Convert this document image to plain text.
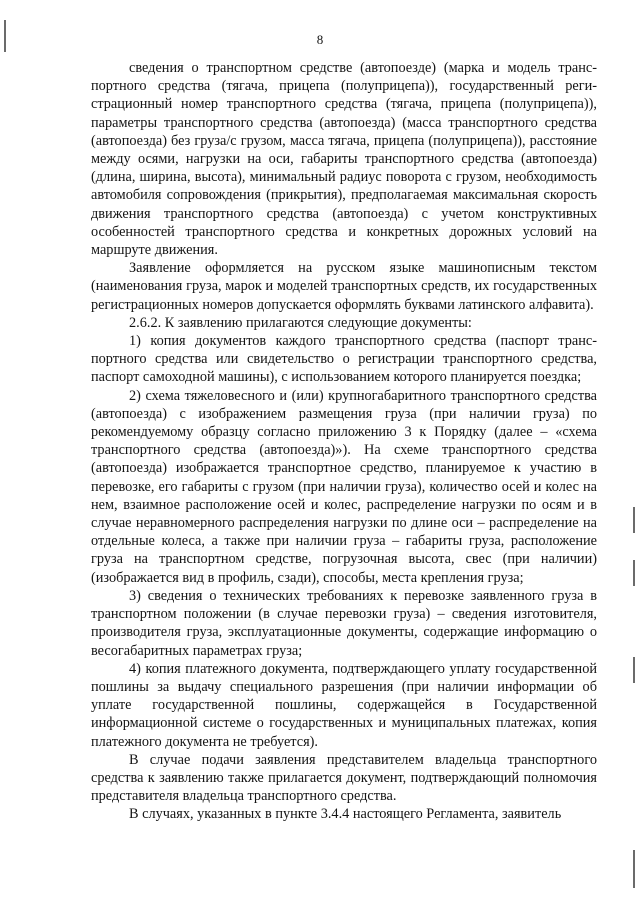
8

сведения о транспортном средстве (автопоезде) (марка и модель транспортного средства (тягача, прицепа (полуприцепа)), государственный регистрационный номер транспортного средства (тягача, прицепа (полуприцепа)), параметры транспортного средства (автопоезда) (масса транспортного средства (автопоезда) без груза/с грузом, масса тягача, прицепа (полуприцепа)), расстояние между осями, нагрузки на оси, габариты транспортного средства (автопоезда) (длина, ширина, высота), минимальный радиус поворота с грузом, необходимость автомобиля сопровождения (прикрытия), предполагаемая максимальная скорость движения транспортного средства (автопоезда) с учетом конструктивных особенностей транспортного средства и конкретных дорожных условий на маршруте движения.

Заявление оформляется на русском языке машинописным текстом (наименования груза, марок и моделей транспортных средств, их государственных регистрационных номеров допускается оформлять буквами латинского алфавита).

2.6.2. К заявлению прилагаются следующие документы:

1) копия документов каждого транспортного средства (паспорт транспортного средства или свидетельство о регистрации транспортного средства, паспорт самоходной машины), с использованием которого планируется поездка;

2) схема тяжеловесного и (или) крупногабаритного транспортного средства (автопоезда) с изображением размещения груза (при наличии груза) по рекомендуемому образцу согласно приложению 3 к Порядку (далее – «схема транспортного средства (автопоезда)»). На схеме транспортного средства (автопоезда) изображается транспортное средство, планируемое к участию в перевозке, его габариты с грузом (при наличии груза), количество осей и колес на нем, взаимное расположение осей и колес, распределение нагрузки по осям и в случае неравномерного распределения нагрузки по длине оси – распределение на отдельные колеса, а также при наличии груза – габариты груза, расположение груза на транспортном средстве, погрузочная высота, свес (при наличии) (изображается вид в профиль, сзади), способы, места крепления груза;

3) сведения о технических требованиях к перевозке заявленного груза в транспортном положении (в случае перевозки груза) – сведения изготовителя, производителя груза, эксплуатационные документы, содержащие информацию о весогабаритных параметрах груза;

4) копия платежного документа, подтверждающего уплату государственной пошлины за выдачу специального разрешения (при наличии информации об уплате государственной пошлины, содержащейся в Государственной информационной системе о государственных и муниципальных платежах, копия платежного документа не требуется).

В случае подачи заявления представителем владельца транспортного средства к заявлению также прилагается документ, подтверждающий полномочия представителя владельца транспортного средства.

В случаях, указанных в пункте 3.4.4 настоящего Регламента, заявитель
